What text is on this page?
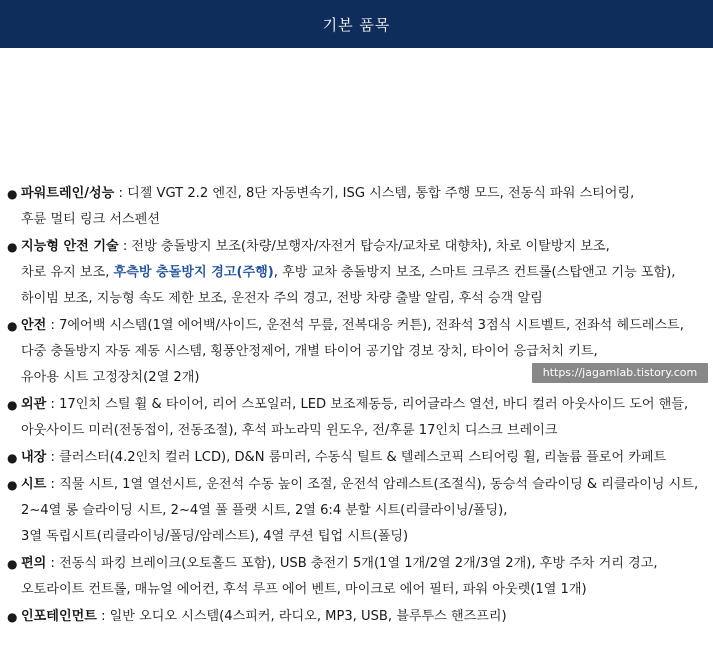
기본 품목
● 파워트레인/성능 : 디젤 VGT 2.2 엔진, 8단 자동변속기, ISG 시스템, 통합 주행 모드, 전동식 파워 스티어링,
후륜 멀티 링크 서스펜션
● 지능형 안전 기술 : 전방 충돌방지 보조(차량/보행자/자전거 탑승자/교차로 대향차), 차로 이탈방지 보조,
차로 유지 보조, 후측방 충돌방지 경고(주행), 후방 교차 충돌방지 보조, 스마트 크루즈 컨트롤(스탑앤고 기능 포함),
하이빔 보조, 지능형 속도 제한 보조, 운전자 주의 경고, 전방 차량 출발 알림, 후석 승객 알림
● 안전 : 7에어백 시스템(1열 에어백/사이드, 운전석 무릎, 전복대응 커튼), 전좌석 3점식 시트벨트, 전좌석 헤드레스트,
다중 충돌방지 자동 제동 시스템, 횡풍안정제어, 개별 타이어 공기압 경보 장치, 타이어 응급처치 키트,
유아용 시트 고정장치(2열 2개)
● 외관 : 17인치 스틸 휠 & 타이어, 리어 스포일러, LED 보조제동등, 리어글라스 열선, 바디 컬러 아웃사이드 도어 핸들,
아웃사이드 미러(전동접이, 전동조절), 후석 파노라믹 윈도우, 전/후륜 17인치 디스크 브레이크
● 내장 : 클러스터(4.2인치 컬러 LCD), D&N 룸미러, 수동식 틸트 & 텔레스코픽 스티어링 휠, 리놀륨 플로어 카페트
● 시트 : 직물 시트, 1열 열선시트, 운전석 수동 높이 조절, 운전석 암레스트(조절식), 동승석 슬라이딩 & 리클라이닝 시트,
2~4열 롱 슬라이딩 시트, 2~4열 풀 플랫 시트, 2열 6:4 분할 시트(리클라이닝/폴딩),
3열 독립시트(리클라이닝/폴딩/암레스트), 4열 쿠션 팁업 시트(폴딩)
● 편의 : 전동식 파킹 브레이크(오토홀드 포함), USB 충전기 5개(1열 1개/2열 2개/3열 2개), 후방 주차 거리 경고,
오토라이트 컨트롤, 매뉴얼 에어컨, 후석 루프 에어 벤트, 마이크로 에어 필터, 파워 아웃렛(1열 1개)
● 인포테인먼트 : 일반 오디오 시스템(4스피커, 라디오, MP3, USB, 블루투스 핸즈프리)
https://jagamlab.tistory.com
